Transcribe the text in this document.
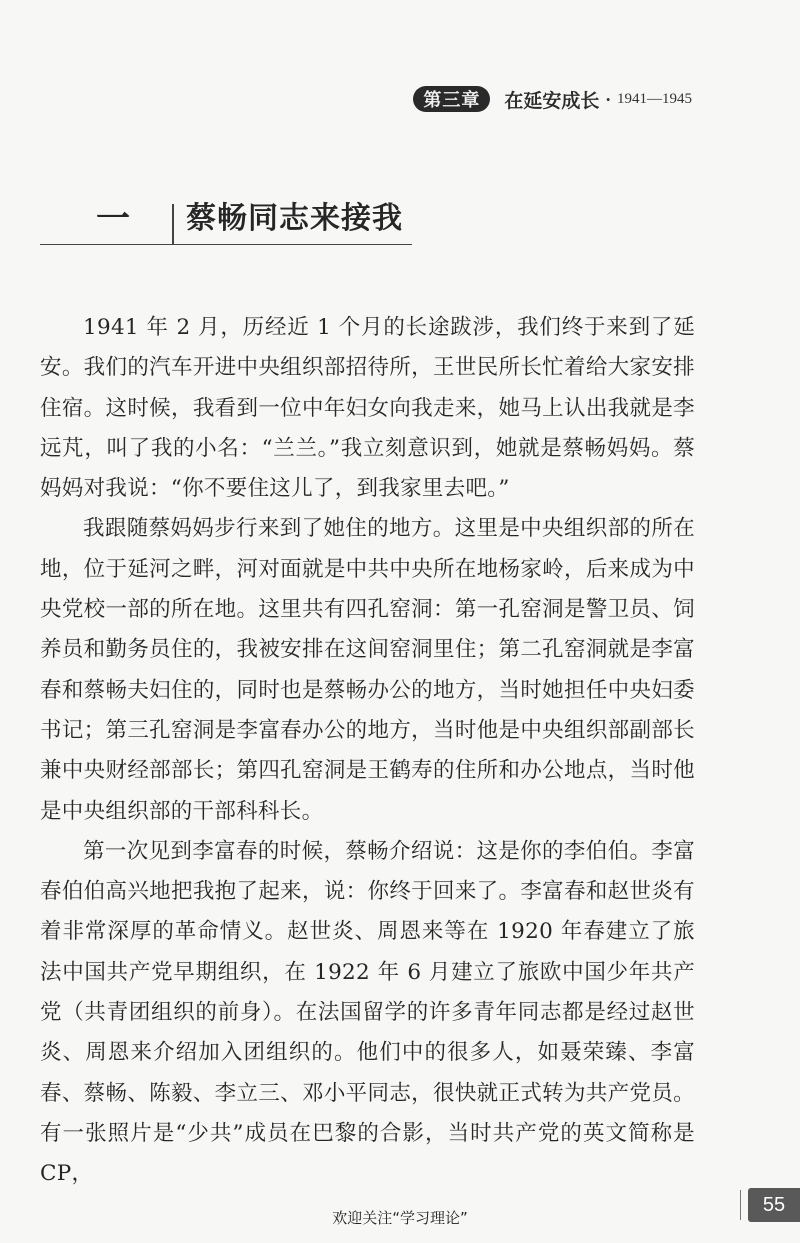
第三章	在延安成长 · 1941—1945
一 蔡畅同志来接我

1941 年 2 月，历经近 1 个月的长途跋涉，我们终于来到了延安。我们的汽车开进中央组织部招待所，王世民所长忙着给大家安排住宿。这时候，我看到一位中年妇女向我走来，她马上认出我就是李远芃，叫了我的小名：“兰兰。”我立刻意识到，她就是蔡畅妈妈。蔡妈妈对我说：“你不要住这儿了，到我家里去吧。”

我跟随蔡妈妈步行来到了她住的地方。这里是中央组织部的所在地，位于延河之畔，河对面就是中共中央所在地杨家岭，后来成为中央党校一部的所在地。这里共有四孔窑洞：第一孔窑洞是警卫员、饲养员和勤务员住的，我被安排在这间窑洞里住；第二孔窑洞就是李富春和蔡畅夫妇住的，同时也是蔡畅办公的地方，当时她担任中央妇委书记；第三孔窑洞是李富春办公的地方，当时他是中央组织部副部长兼中央财经部部长；第四孔窑洞是王鹤寿的住所和办公地点，当时他是中央组织部的干部科科长。

第一次见到李富春的时候，蔡畅介绍说：这是你的李伯伯。李富春伯伯高兴地把我抱了起来，说：你终于回来了。李富春和赵世炎有着非常深厚的革命情义。赵世炎、周恩来等在 1920 年春建立了旅法中国共产党早期组织，在 1922 年 6 月建立了旅欧中国少年共产党（共青团组织的前身）。在法国留学的许多青年同志都是经过赵世炎、周恩来介绍加入团组织的。他们中的很多人，如聂荣臻、李富春、蔡畅、陈毅、李立三、邓小平同志，很快就正式转为共产党员。有一张照片是“少共”成员在巴黎的合影，当时共产党的英文简称是 CP，

55
欢迎关注“学习理论”
